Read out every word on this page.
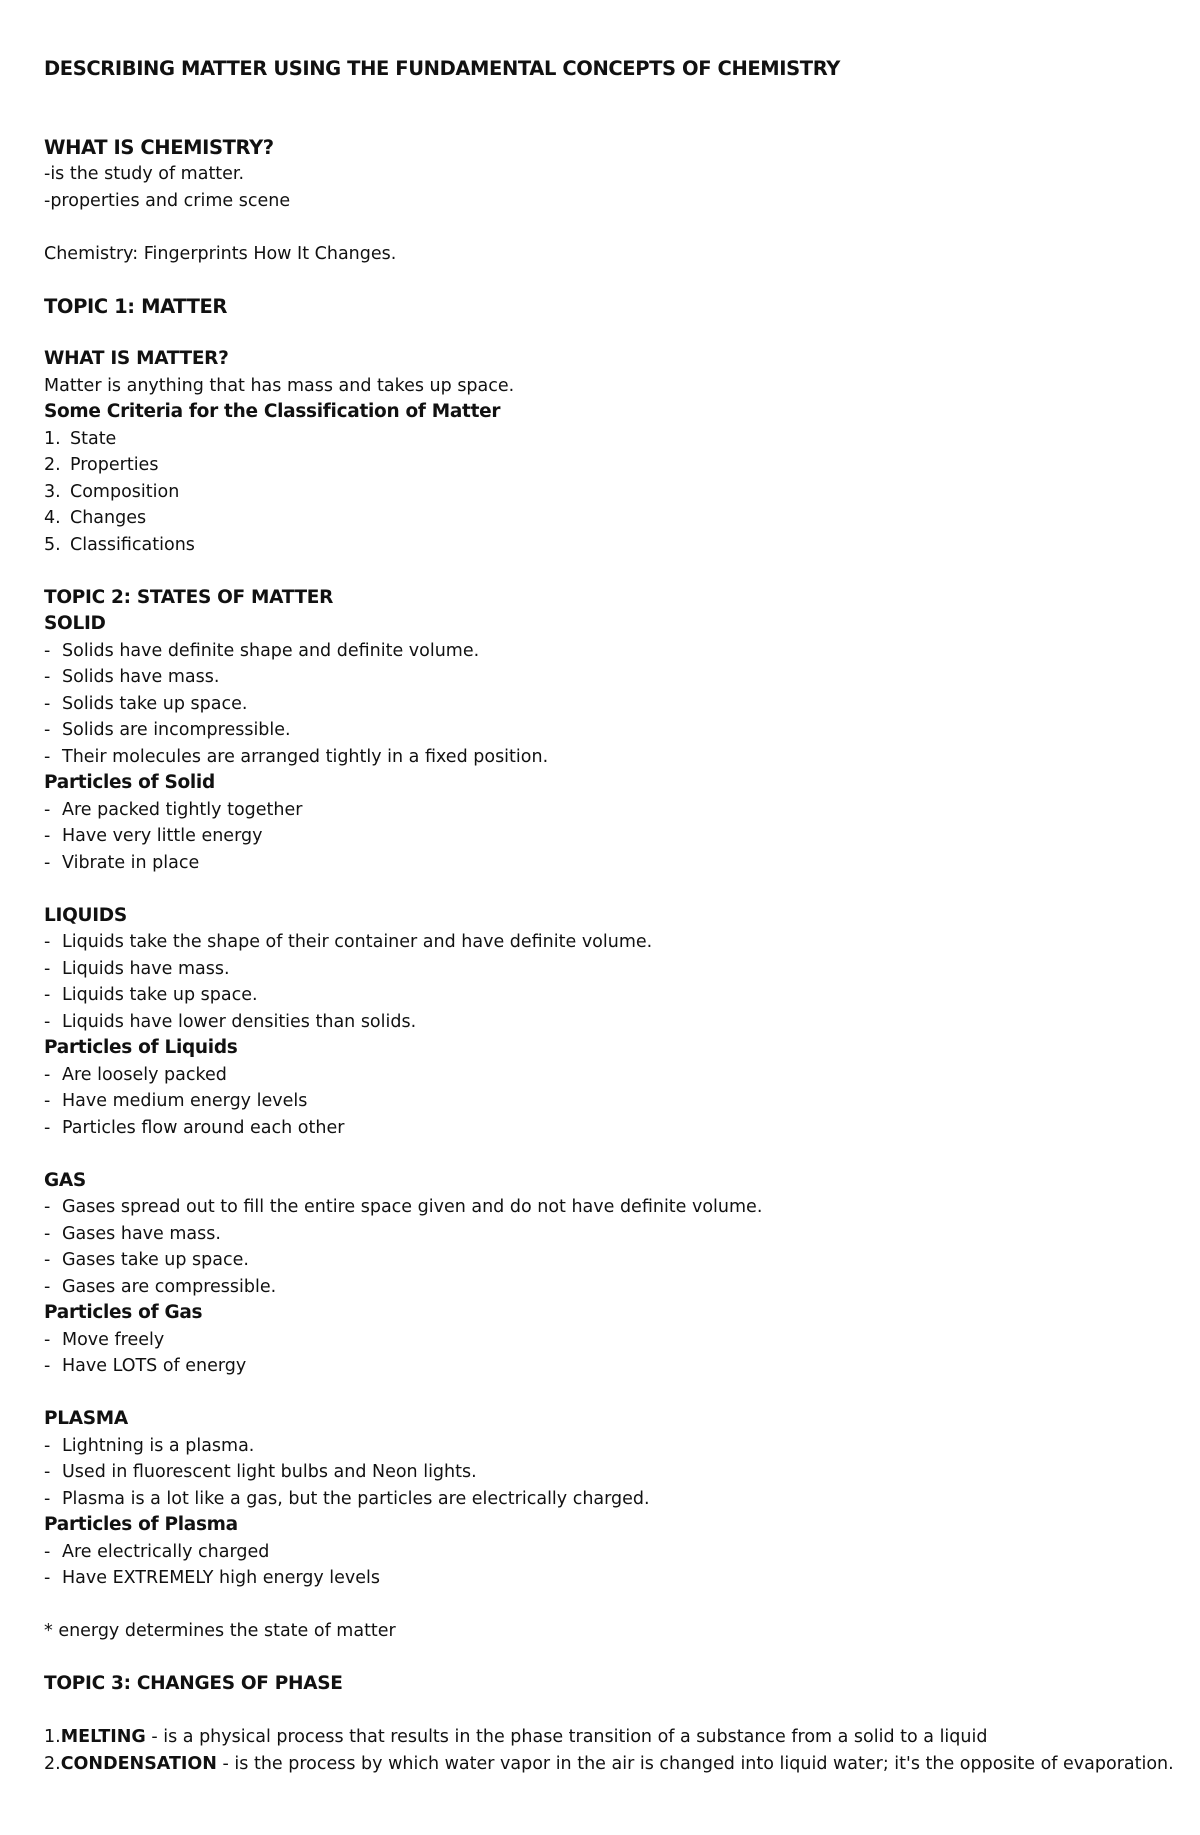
DESCRIBING MATTER USING THE FUNDAMENTAL CONCEPTS OF CHEMISTRY
WHAT IS CHEMISTRY?
-is the study of matter.
-properties and crime scene
Chemistry: Fingerprints How It Changes.
TOPIC 1: MATTER
WHAT IS MATTER?
Matter is anything that has mass and takes up space.
Some Criteria for the Classification of Matter
1. State
2. Properties
3. Composition
4. Changes
5. Classifications
TOPIC 2: STATES OF MATTER
SOLID
- Solids have definite shape and definite volume.
- Solids have mass.
- Solids take up space.
- Solids are incompressible.
- Their molecules are arranged tightly in a fixed position.
Particles of Solid
- Are packed tightly together
- Have very little energy
- Vibrate in place
LIQUIDS
- Liquids take the shape of their container and have definite volume.
- Liquids have mass.
- Liquids take up space.
- Liquids have lower densities than solids.
Particles of Liquids
- Are loosely packed
- Have medium energy levels
- Particles flow around each other
GAS
- Gases spread out to fill the entire space given and do not have definite volume.
- Gases have mass.
- Gases take up space.
- Gases are compressible.
Particles of Gas
- Move freely
- Have LOTS of energy
PLASMA
- Lightning is a plasma.
- Used in fluorescent light bulbs and Neon lights.
- Plasma is a lot like a gas, but the particles are electrically charged.
Particles of Plasma
- Are electrically charged
- Have EXTREMELY high energy levels
* energy determines the state of matter
TOPIC 3: CHANGES OF PHASE
1.MELTING - is a physical process that results in the phase transition of a substance from a solid to a liquid
2.CONDENSATION - is the process by which water vapor in the air is changed into liquid water; it's the opposite of evaporation.
